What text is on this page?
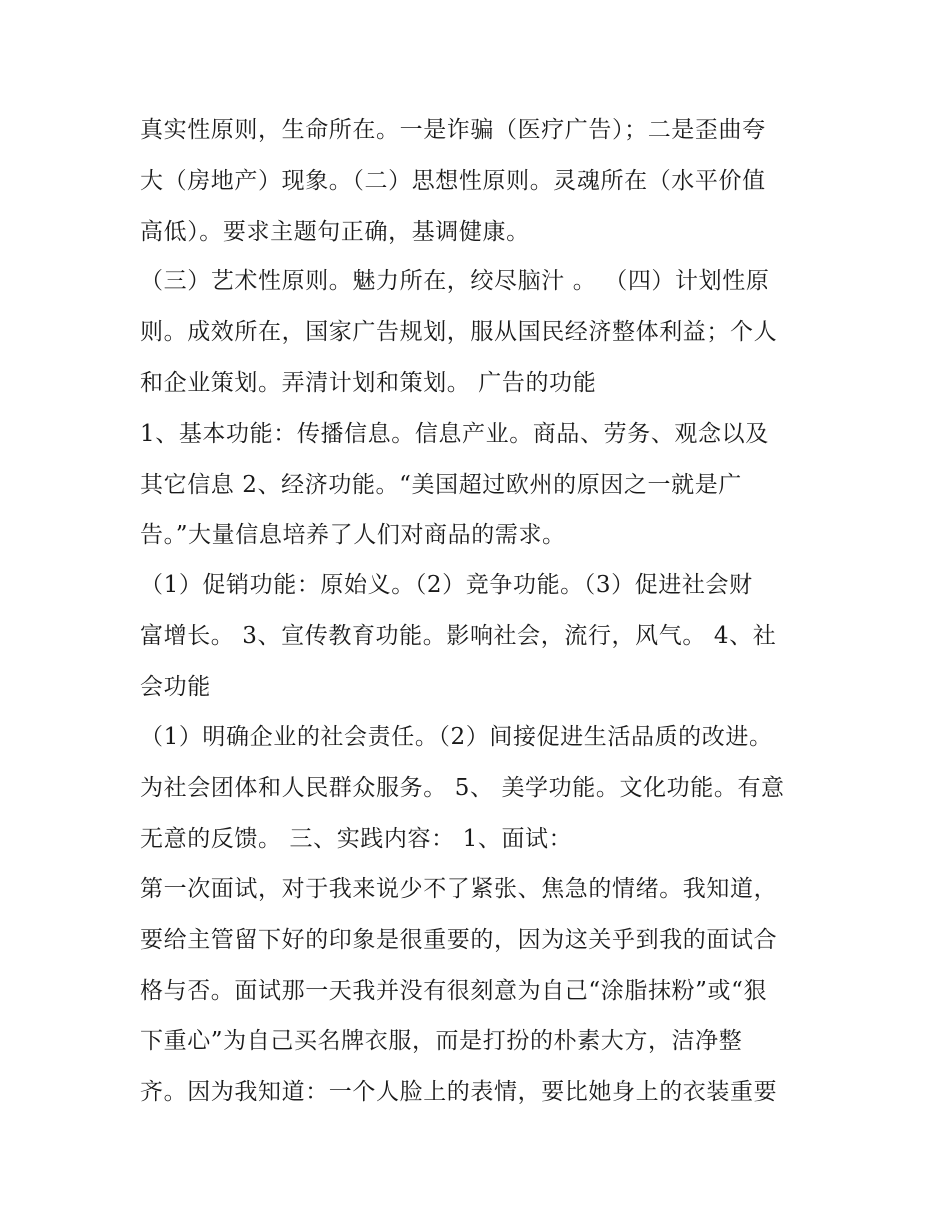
真实性原则，生命所在。一是诈骗（医疗广告）；二是歪曲夸
大（房地产）现象。（二）思想性原则。灵魂所在（水平价值
高低）。要求主题句正确，基调健康。
（三）艺术性原则。魅力所在，绞尽脑汁 。 （四）计划性原
则。成效所在，国家广告规划，服从国民经济整体利益；个人
和企业策划。弄清计划和策划。 广告的功能
1、基本功能：传播信息。信息产业。商品、劳务、观念以及
其它信息 2、经济功能。“美国超过欧州的原因之一就是广
告。”大量信息培养了人们对商品的需求。
（1）促销功能：原始义。（2）竞争功能。（3）促进社会财
富增长。 3、宣传教育功能。影响社会，流行，风气。 4、社
会功能
（1）明确企业的社会责任。（2）间接促进生活品质的改进。
为社会团体和人民群众服务。 5、 美学功能。文化功能。有意
无意的反馈。 三、实践内容： 1、面试：
第一次面试，对于我来说少不了紧张、焦急的情绪。我知道，
要给主管留下好的印象是很重要的，因为这关乎到我的面试合
格与否。面试那一天我并没有很刻意为自己“涂脂抹粉”或“狠
下重心”为自己买名牌衣服，而是打扮的朴素大方，洁净整
齐。因为我知道：一个人脸上的表情，要比她身上的衣装重要
